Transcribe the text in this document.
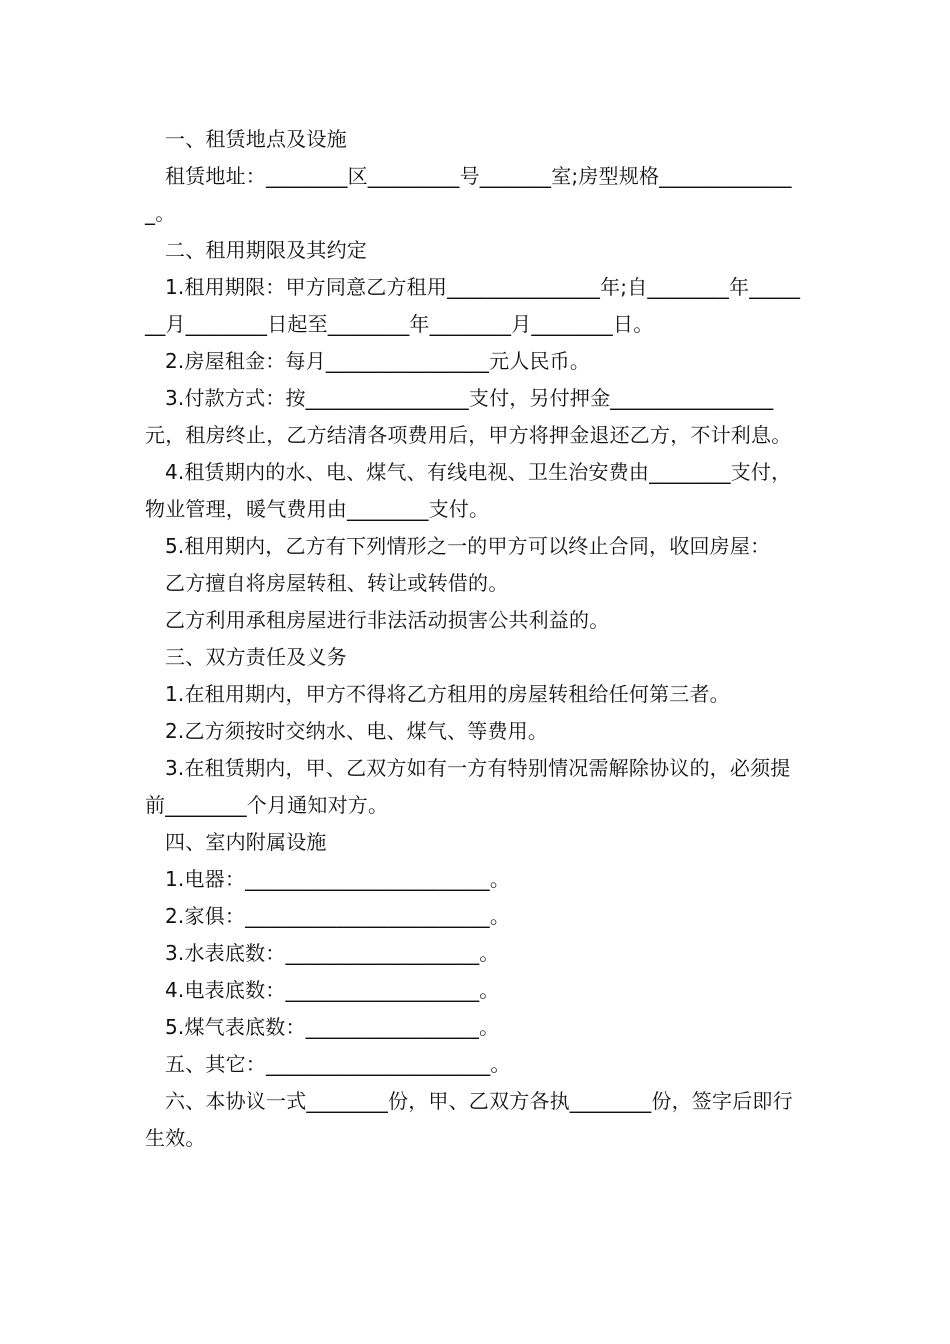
一、租赁地点及设施

租赁地址：________区_________号_______室;房型规格______________。

二、租用期限及其约定

1.租用期限：甲方同意乙方租用_______________年;自________年_______月________日起至________年________月________日。

2.房屋租金：每月________________元人民币。

3.付款方式：按________________支付，另付押金________________元，租房终止，乙方结清各项费用后，甲方将押金退还乙方，不计利息。

4.租赁期内的水、电、煤气、有线电视、卫生治安费由________支付，物业管理，暖气费用由________支付。

5.租用期内，乙方有下列情形之一的甲方可以终止合同，收回房屋：

乙方擅自将房屋转租、转让或转借的。

乙方利用承租房屋进行非法活动损害公共利益的。

三、双方责任及义务

1.在租用期内，甲方不得将乙方租用的房屋转租给任何第三者。

2.乙方须按时交纳水、电、煤气、等费用。

3.在租赁期内，甲、乙双方如有一方有特别情况需解除协议的，必须提前________个月通知对方。

四、室内附属设施

1.电器：________________________。

2.家俱：________________________。

3.水表底数：___________________。

4.电表底数：___________________。

5.煤气表底数：_________________。

五、其它：______________________。

六、本协议一式________份，甲、乙双方各执________份，签字后即行生效。
